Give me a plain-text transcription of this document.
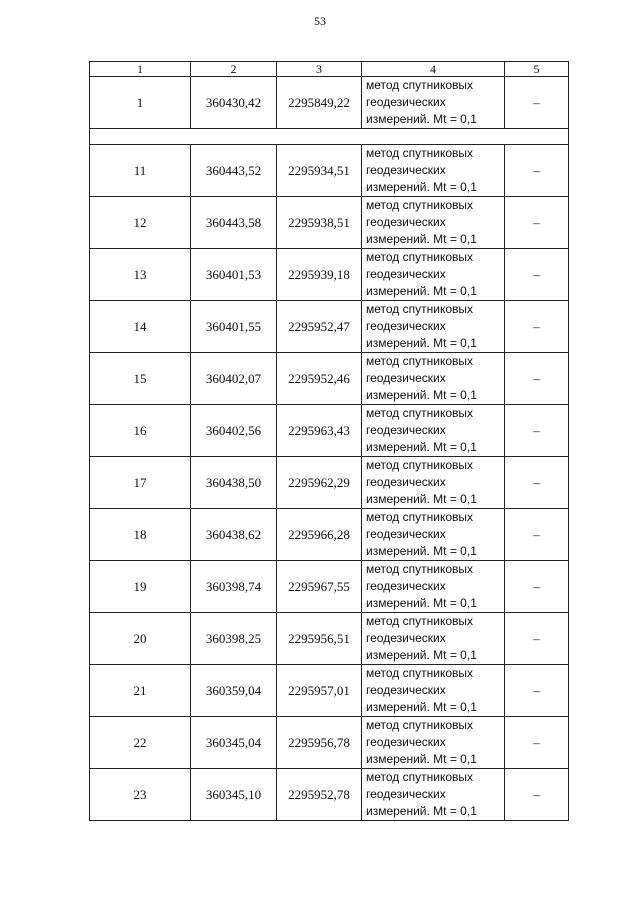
53
1	2	3	4	5
1	360430,42	2295849,22	метод спутниковых
геодезических
измерений. Mt = 0,1	–

11	360443,52	2295934,51	метод спутниковых
геодезических
измерений. Mt = 0,1	–
12	360443,58	2295938,51	метод спутниковых
геодезических
измерений. Mt = 0,1	–
13	360401,53	2295939,18	метод спутниковых
геодезических
измерений. Mt = 0,1	–
14	360401,55	2295952,47	метод спутниковых
геодезических
измерений. Mt = 0,1	–
15	360402,07	2295952,46	метод спутниковых
геодезических
измерений. Mt = 0,1	–
16	360402,56	2295963,43	метод спутниковых
геодезических
измерений. Mt = 0,1	–
17	360438,50	2295962,29	метод спутниковых
геодезических
измерений. Mt = 0,1	–
18	360438,62	2295966,28	метод спутниковых
геодезических
измерений. Mt = 0,1	–
19	360398,74	2295967,55	метод спутниковых
геодезических
измерений. Mt = 0,1	–
20	360398,25	2295956,51	метод спутниковых
геодезических
измерений. Mt = 0,1	–
21	360359,04	2295957,01	метод спутниковых
геодезических
измерений. Mt = 0,1	–
22	360345,04	2295956,78	метод спутниковых
геодезических
измерений. Mt = 0,1	–
23	360345,10	2295952,78	метод спутниковых
геодезических
измерений. Mt = 0,1	–
